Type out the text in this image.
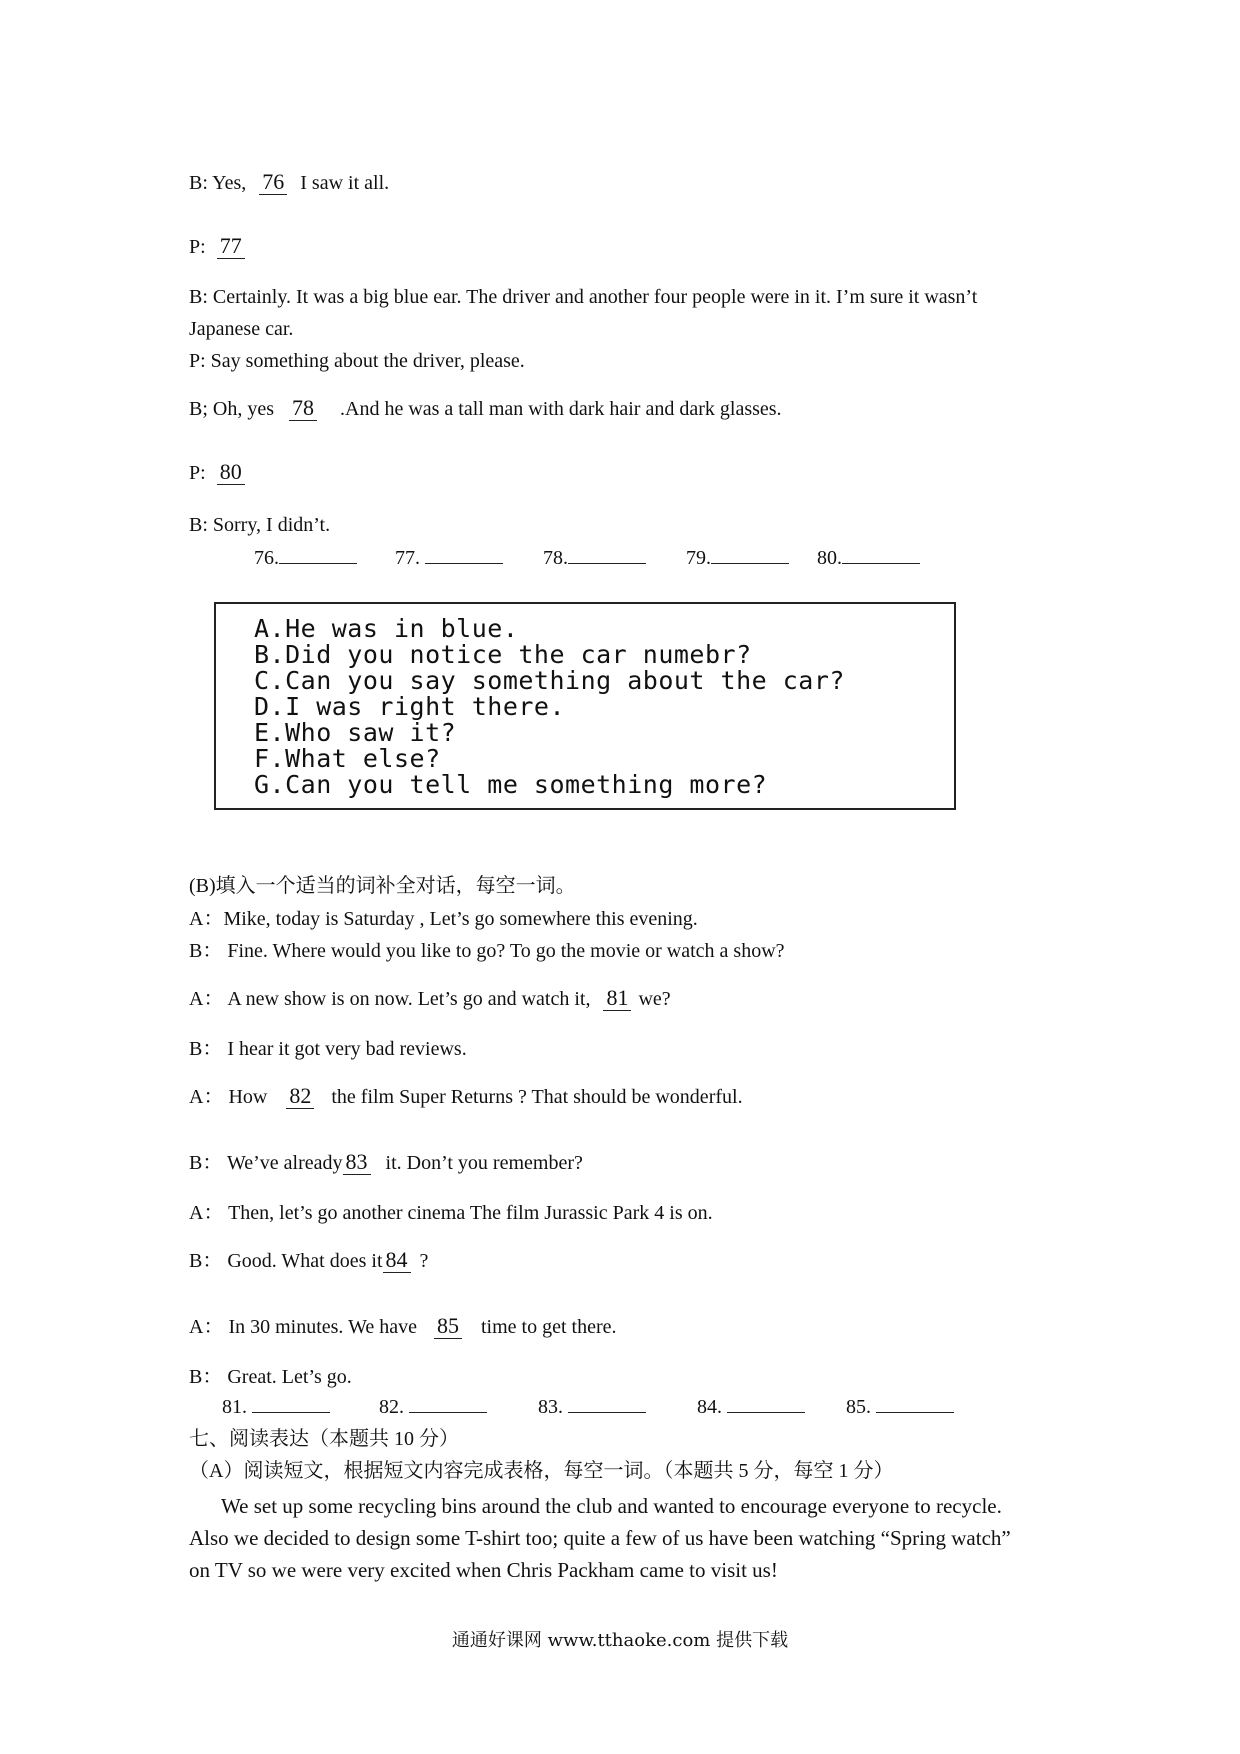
B: Yes, 76 I saw it all.
P: 77
B: Certainly. It was a big blue ear. The driver and another four people were in it. I’m sure it wasn’t
Japanese car.
P: Say something about the driver, please.
B; Oh, yes 78 .And he was a tall man with dark hair and dark glasses.
P: 80
B: Sorry, I didn’t.
76.	77.	78.	79.	80.
A.He was in blue.
B.Did you notice the car numebr?
C.Can you say something about the car?
D.I was right there.
E.Who saw it?
F.What else?
G.Can you tell me something more?
(B)填入一个适当的词补全对话，每空一词。
A：Mike, today is Saturday , Let’s go somewhere this evening.
B： Fine. Where would you like to go? To go the movie or watch a show?
A： A new show is on now. Let’s go and watch it, 81 we?
B： I hear it got very bad reviews.
A： How 82 the film Super Returns ? That should be wonderful.
B： We’ve already 83 it. Don’t you remember?
A： Then, let’s go another cinema The film Jurassic Park 4 is on.
B： Good. What does it 84 ?
A： In 30 minutes. We have 85 time to get there.
B： Great. Let’s go.
81.	82.	83.	84.	85.
七、阅读表达（本题共 10 分）
（A）阅读短文，根据短文内容完成表格，每空一词。（本题共 5 分，每空 1 分）
We set up some recycling bins around the club and wanted to encourage everyone to recycle.
Also we decided to design some T-shirt too; quite a few of us have been watching “Spring watch”
on TV so we were very excited when Chris Packham came to visit us!
通通好课网 www.tthaoke.com 提供下载
